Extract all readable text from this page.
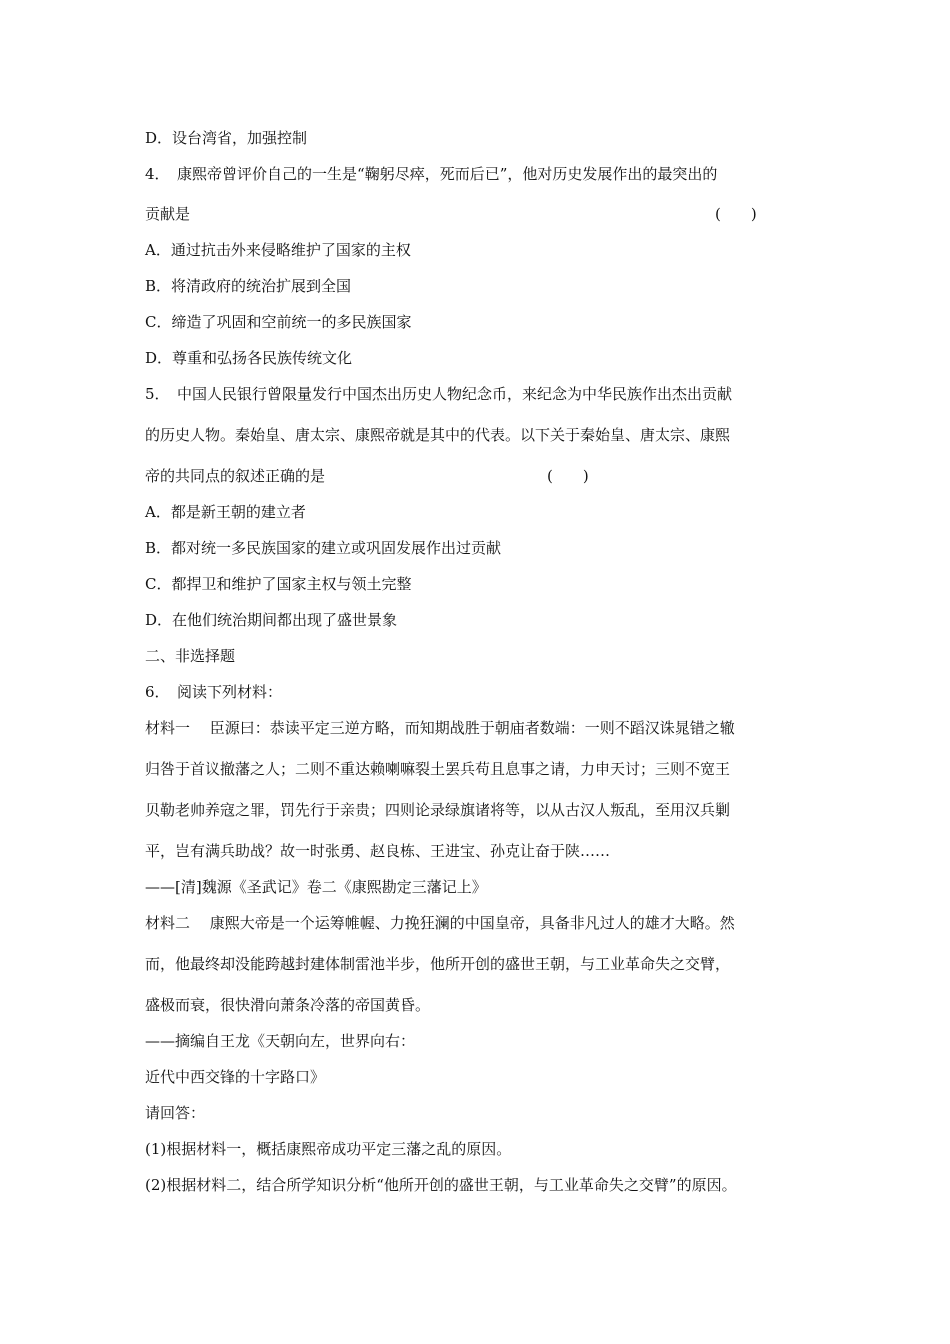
D．设台湾省，加强控制
4．　康熙帝曾评价自己的一生是“鞠躬尽瘁，死而后已”，他对历史发展作出的最突出的
贡献是	(　　)
A．通过抗击外来侵略维护了国家的主权
B．将清政府的统治扩展到全国
C．缔造了巩固和空前统一的多民族国家
D．尊重和弘扬各民族传统文化
5．　中国人民银行曾限量发行中国杰出历史人物纪念币，来纪念为中华民族作出杰出贡献
的历史人物。秦始皇、唐太宗、康熙帝就是其中的代表。以下关于秦始皇、唐太宗、康熙
帝的共同点的叙述正确的是	(　　)
A．都是新王朝的建立者
B．都对统一多民族国家的建立或巩固发展作出过贡献
C．都捍卫和维护了国家主权与领土完整
D．在他们统治期间都出现了盛世景象
二、非选择题
6．　阅读下列材料：
材料一　 臣源曰：恭读平定三逆方略，而知期战胜于朝庙者数端：一则不蹈汉诛晁错之辙
归咎于首议撤藩之人；二则不重达赖喇嘛裂土罢兵苟且息事之请，力申天讨；三则不宽王
贝勒老帅养寇之罪，罚先行于亲贵；四则论录绿旗诸将等，以从古汉人叛乱，至用汉兵剿
平，岂有满兵助战？故一时张勇、赵良栋、王进宝、孙克让奋于陕……
——[清]魏源《圣武记》卷二《康熙勘定三藩记上》
材料二　 康熙大帝是一个运筹帷幄、力挽狂澜的中国皇帝，具备非凡过人的雄才大略。然
而，他最终却没能跨越封建体制雷池半步，他所开创的盛世王朝，与工业革命失之交臂，
盛极而衰，很快滑向萧条冷落的帝国黄昏。
——摘编自王龙《天朝向左，世界向右：
近代中西交锋的十字路口》
请回答：
(1)根据材料一，概括康熙帝成功平定三藩之乱的原因。
(2)根据材料二，结合所学知识分析“他所开创的盛世王朝，与工业革命失之交臂”的原因。
